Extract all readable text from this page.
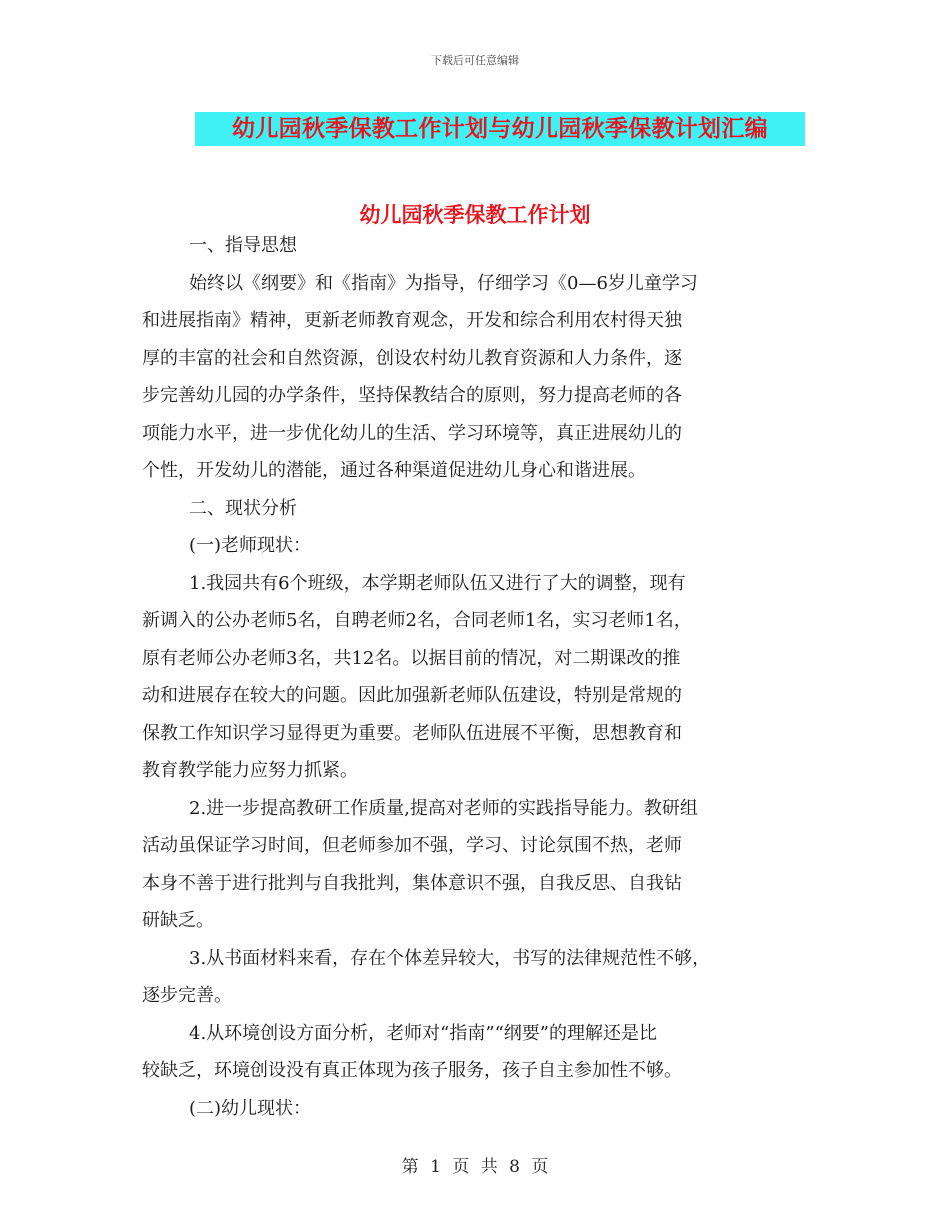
下载后可任意编辑
幼儿园秋季保教工作计划与幼儿园秋季保教计划汇编
幼儿园秋季保教工作计划
一、指导思想
始终以《纲要》和《指南》为指导，仔细学习《0—6岁儿童学习
和进展指南》精神，更新老师教育观念，开发和综合利用农村得天独
厚的丰富的社会和自然资源，创设农村幼儿教育资源和人力条件，逐
步完善幼儿园的办学条件，坚持保教结合的原则，努力提高老师的各
项能力水平，进一步优化幼儿的生活、学习环境等，真正进展幼儿的
个性，开发幼儿的潜能，通过各种渠道促进幼儿身心和谐进展。
二、现状分析
(一)老师现状：
1.我园共有6个班级，本学期老师队伍又进行了大的调整，现有
新调入的公办老师5名，自聘老师2名，合同老师1名，实习老师1名，
原有老师公办老师3名，共12名。以据目前的情况，对二期课改的推
动和进展存在较大的问题。因此加强新老师队伍建设，特别是常规的
保教工作知识学习显得更为重要。老师队伍进展不平衡，思想教育和
教育教学能力应努力抓紧。
2.进一步提高教研工作质量,提高对老师的实践指导能力。教研组
活动虽保证学习时间，但老师参加不强，学习、讨论氛围不热，老师
本身不善于进行批判与自我批判，集体意识不强，自我反思、自我钻
研缺乏。
3.从书面材料来看，存在个体差异较大，书写的法律规范性不够，
逐步完善。
4.从环境创设方面分析，老师对“指南”“纲要”的理解还是比
较缺乏，环境创设没有真正体现为孩子服务，孩子自主参加性不够。
(二)幼儿现状：
第 1 页 共 8 页
